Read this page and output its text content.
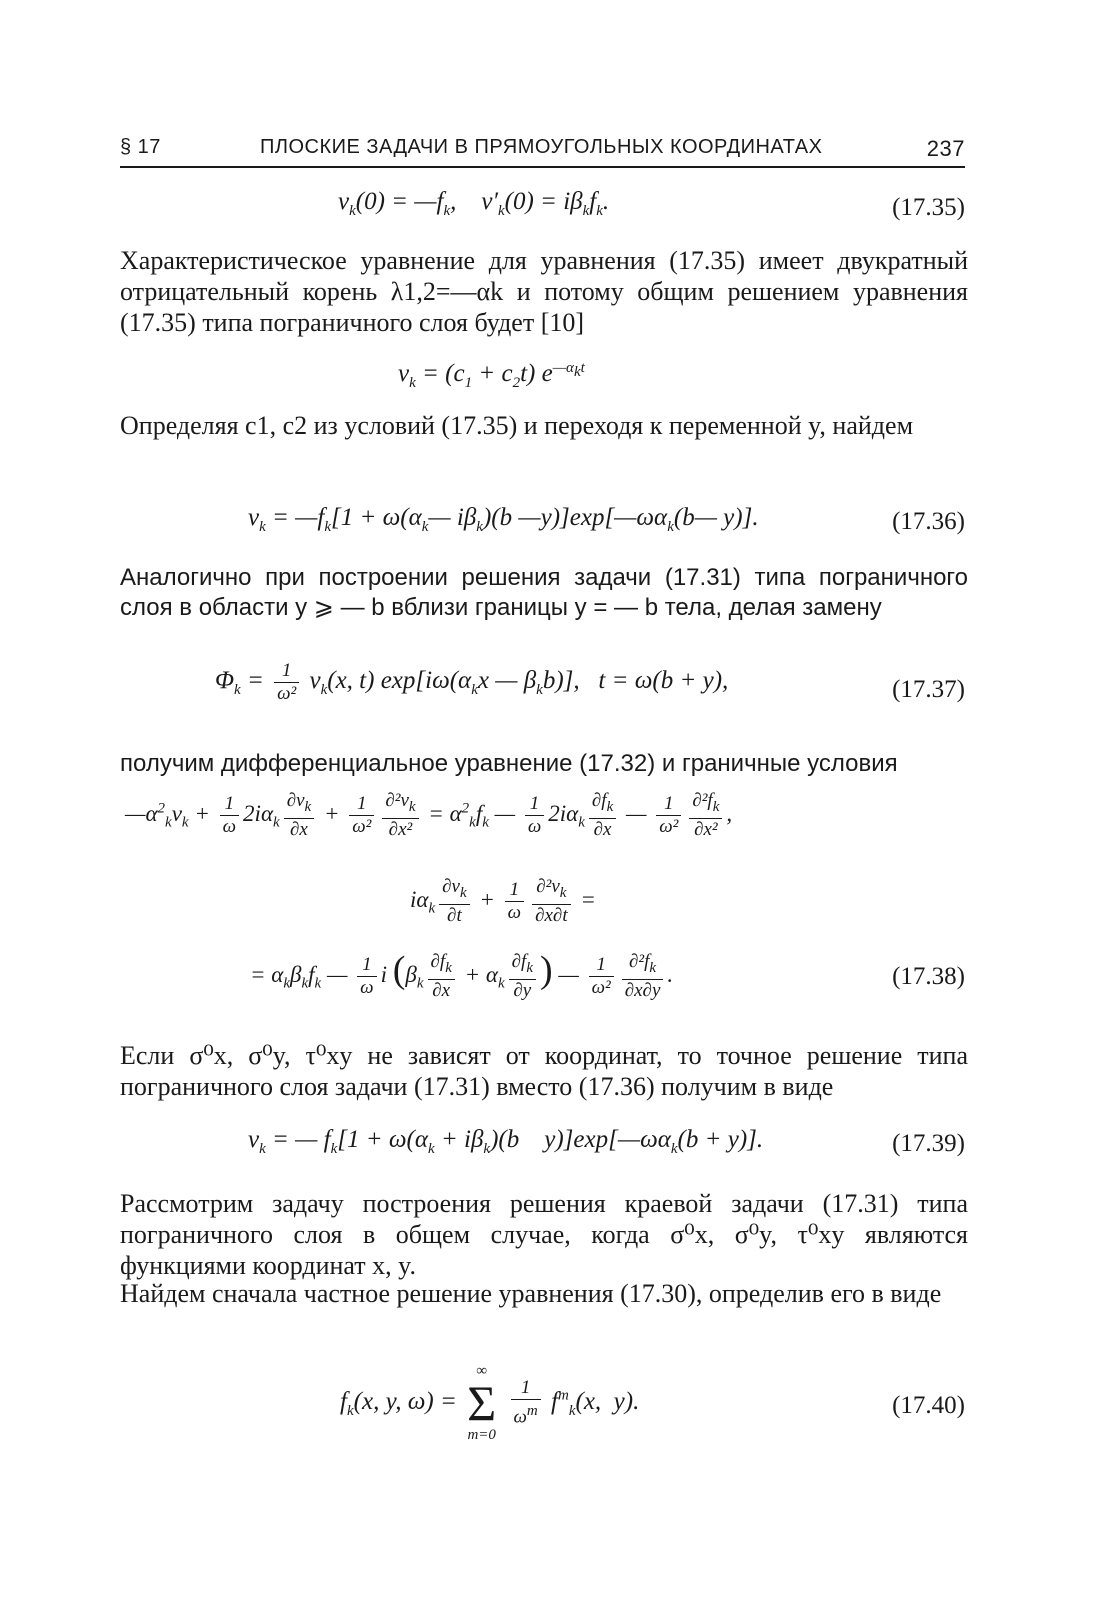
§ 17	ПЛОСКИЕ ЗАДАЧИ В ПРЯМОУГОЛЬНЫХ КООРДИНАТАХ	237
$v_k(0)$ = $—f_k$,    $v'_k(0) = i\beta_kf_k$.	(17.35)

Характеристическое уравнение для уравнения (17.35) имеет двукратный отрицательный корень λ1,2=—αk и потому общим решением уравнения (17.35) типа пограничного слоя будет [10]

$v_k = (c_1 + c_2t)$ $e^{—\alpha_kt}$

Определяя c1, c2 из условий (17.35) и переходя к переменной y, найдем

$v_k$ = $—f_k[1$ + $\omega(\alpha_k—$ $i\beta_k)(b$ $—y)]\exp[—\omega\alpha_k(b—$ y)].	(17.36)

Аналогично при построении решения задачи (17.31) типа пограничного слоя в области y ⩾ — b вблизи границы y = — b тела, делая замену

$\Phi_k = \frac{1}{\text{ω²}} v_k(x$, t) $\exp[i\omega(\alpha_kx$ — $\beta_kb$)],   t = ω(b + y),	(17.37)

получим дифференциальное уравнение (17.32) и граничные условия

$—\alpha^2_kv_k + \frac{1}{\omega} 2i\alpha_k \frac{\partial v_k}{\partial x} + \frac{1}{\text{ω²}} \frac{\partial^2v_k}{\text{∂x²}} = \alpha^2_kf_k$ — $\frac{1}{\omega} 2i\alpha_k \frac{\partial f_k}{\partial x}$ — $\frac{1}{\text{ω²}} \frac{\partial^2f_k}{\text{∂x²}}$ ,
$i\alpha_k \frac{\partial v_k}{\partial t} + \frac{1}{\omega} \frac{\partial^2v_k}{\partial x\partial t}$ =
= $\alpha_k\beta_kf_k$ — $\frac{1}{\omega}$ i ($\beta_k \frac{\partial f_k}{\partial x} + \alpha_k \frac{\partial f_k}{\partial y}$ ) — $\frac{1}{\text{ω²}} \frac{\partial^2f_k}{\partial x\partial y}$ .	(17.38)

Если σ⁰x, σ⁰y, τ⁰xy не зависят от координат, то точное решение типа пограничного слоя задачи (17.31) вместо (17.36) получим в виде

$v_k$ = — $f_k[1 + \omega(\alpha_k + i\beta_k)(b$ $y)]\exp[—\omega\alpha_k(b + y)]$.	(17.39)

Рассмотрим задачу построения решения краевой задачи (17.31) типа пограничного слоя в общем случае, когда σ⁰x, σ⁰y, τ⁰xy являются функциями координат x, y.

Найдем сначала частное решение уравнения (17.30), определив его в виде

$f_k(x$, y, ω) =
∞
Σ
m=0

$\frac{1}{\omega^m} f^m_k(x$,  y).	(17.40)
